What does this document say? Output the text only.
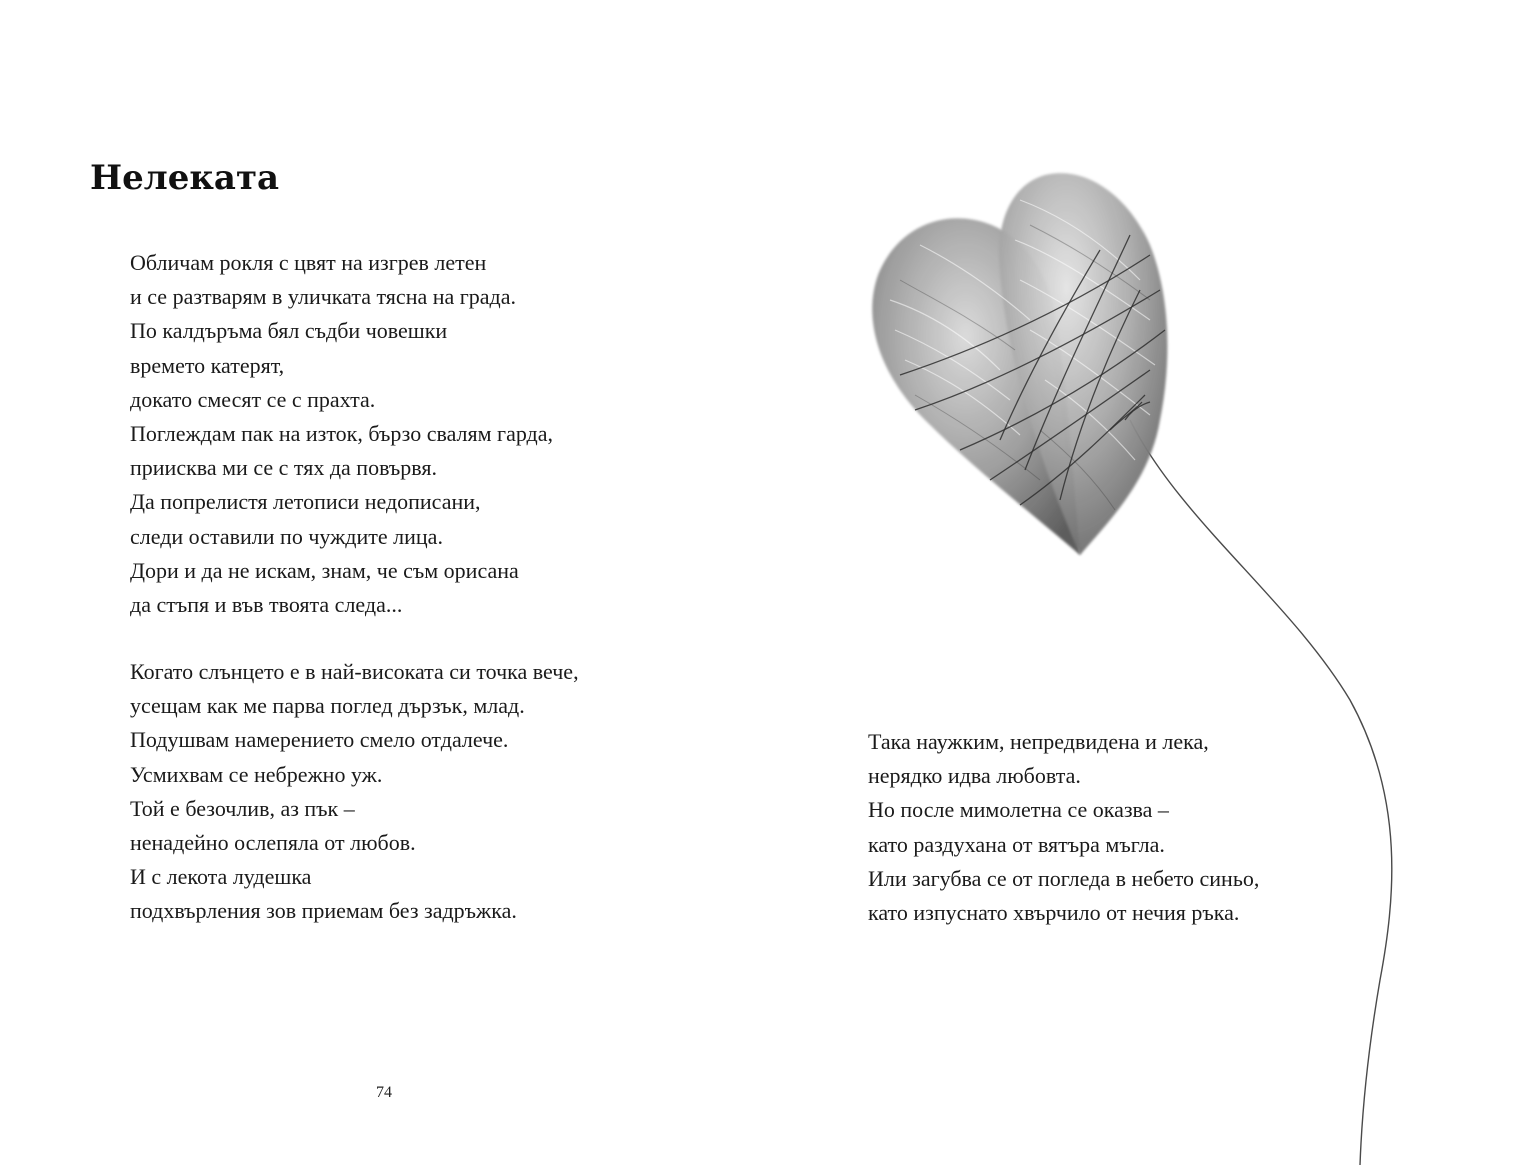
Нелеката
Обличам рокля с цвят на изгрев летен
и се разтварям в уличката тясна на града.
По калдъръма бял съдби човешки
времето катерят,
докато смесят се с прахта.
Поглеждам пак на изток, бързо свалям гарда,
приисква ми се с тях да повървя.
Да попрелистя летописи недописани,
следи оставили по чуждите лица.
Дори и да не искам, знам, че съм орисана
да стъпя и във твоята следа...
Когато слънцето е в най-високата си точка вече,
усещам как ме парва поглед дързък, млад.
Подушвам намерението смело отдалече.
Усмихвам се небрежно уж.
Той е безочлив, аз пък –
ненадейно ослепяла от любов.
И с лекота лудешка
подхвърления зов приемам без задръжка.
Така наужким, непредвидена и лека,
нерядко идва любовта.
Но после мимолетна се оказва –
като раздухана от вятъра мъгла.
Или загубва се от погледа в небето синьо,
като изпуснато хвърчило от нечия ръка.
74
